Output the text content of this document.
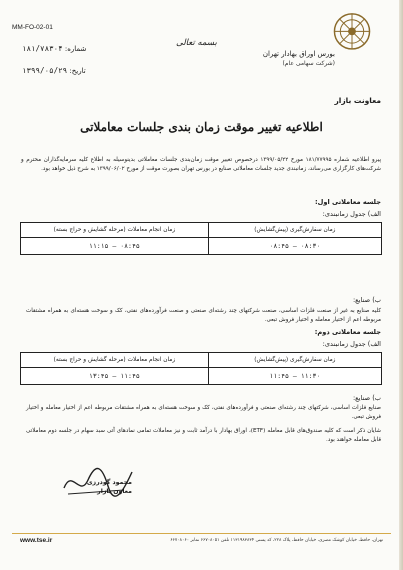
بورس اوراق بهادار تهران
(شرکت سهامی عام)
معاونت بازار
بسمه تعالی
MM-FO-02-01
شماره: ۱۸۱/۷۸۳۰۴
تاریخ: ۱۳۹۹/۰۵/۲۹
اطلاعیه تغییر موقت زمان بندی جلسات معاملاتی
پیرو اطلاعیه شماره ۱۸۱/۷۷۹۹۵ مورخ ۱۳۹۹/۰۵/۲۲ درخصوص تغییر موقت زمان‌بندی جلسات معاملاتی بدینوسیله به اطلاع کلیه سرمایه‌گذاران محترم و شرکت‌های کارگزاری می‌رساند، زمانبندی جدید جلسات معاملاتی صنایع در بورس تهران بصورت موقت از مورخ ۱۳۹۹/۰۶/۰۲ به شرح ذیل خواهد بود.
جلسه معاملاتی اول:
الف) جدول زمانبندی:
زمان سفارش‌گیری (پیش‌گشایش)	زمان انجام معاملات (مرحله گشایش و حراج بسته)
۰۸:۳۰ – ۰۸:۴۵	۰۸:۴۵ – ۱۱:۱۵
ب) صنایع:
کلیه صنایع به غیر از صنعت فلزات اساسی، صنعت شرکتهای چند رشته‌ای صنعتی و صنعت فرآورده‌های نفتی، کک و سوخت هسته‌ای به همراه مشتقات مربوطه اعم از اختیار معامله و اختیار فروش تبعی.
جلسه معاملاتی دوم:
الف) جدول زمانبندی:
زمان سفارش‌گیری (پیش‌گشایش)	زمان انجام معاملات (مرحله گشایش و حراج بسته)
۱۱:۳۰ – ۱۱:۴۵	۱۱:۴۵ – ۱۳:۴۵
ب) صنایع:
صنایع فلزات اساسی، شرکتهای چند رشته‌ای صنعتی و فرآورده‌های نفتی، کک و سوخت هسته‌ای به همراه مشتقات مربوطه اعم از اختیار معامله و اختیار فروش تبعی.
شایان ذکر است که کلیه صندوق‌های قابل معامله (ETF)، اوراق بهادار با درآمد ثابت و نیز معاملات تمامی نمادهای آتی سبد سهام در جلسه دوم معاملاتی قابل معامله خواهند بود.
محمود گودرزی
معاون بازار
www.tse.ir	تهران، حافظ، خیابان کوشک مصری، خیابان حافظ، پلاک ۲۲۸، کد پستی ۱۱۳۱۹۸۳۸۳۴ تلفن ۶۶۷۰۸۰۵۱ نمابر ۶۶۷۰۸۰۶۰
